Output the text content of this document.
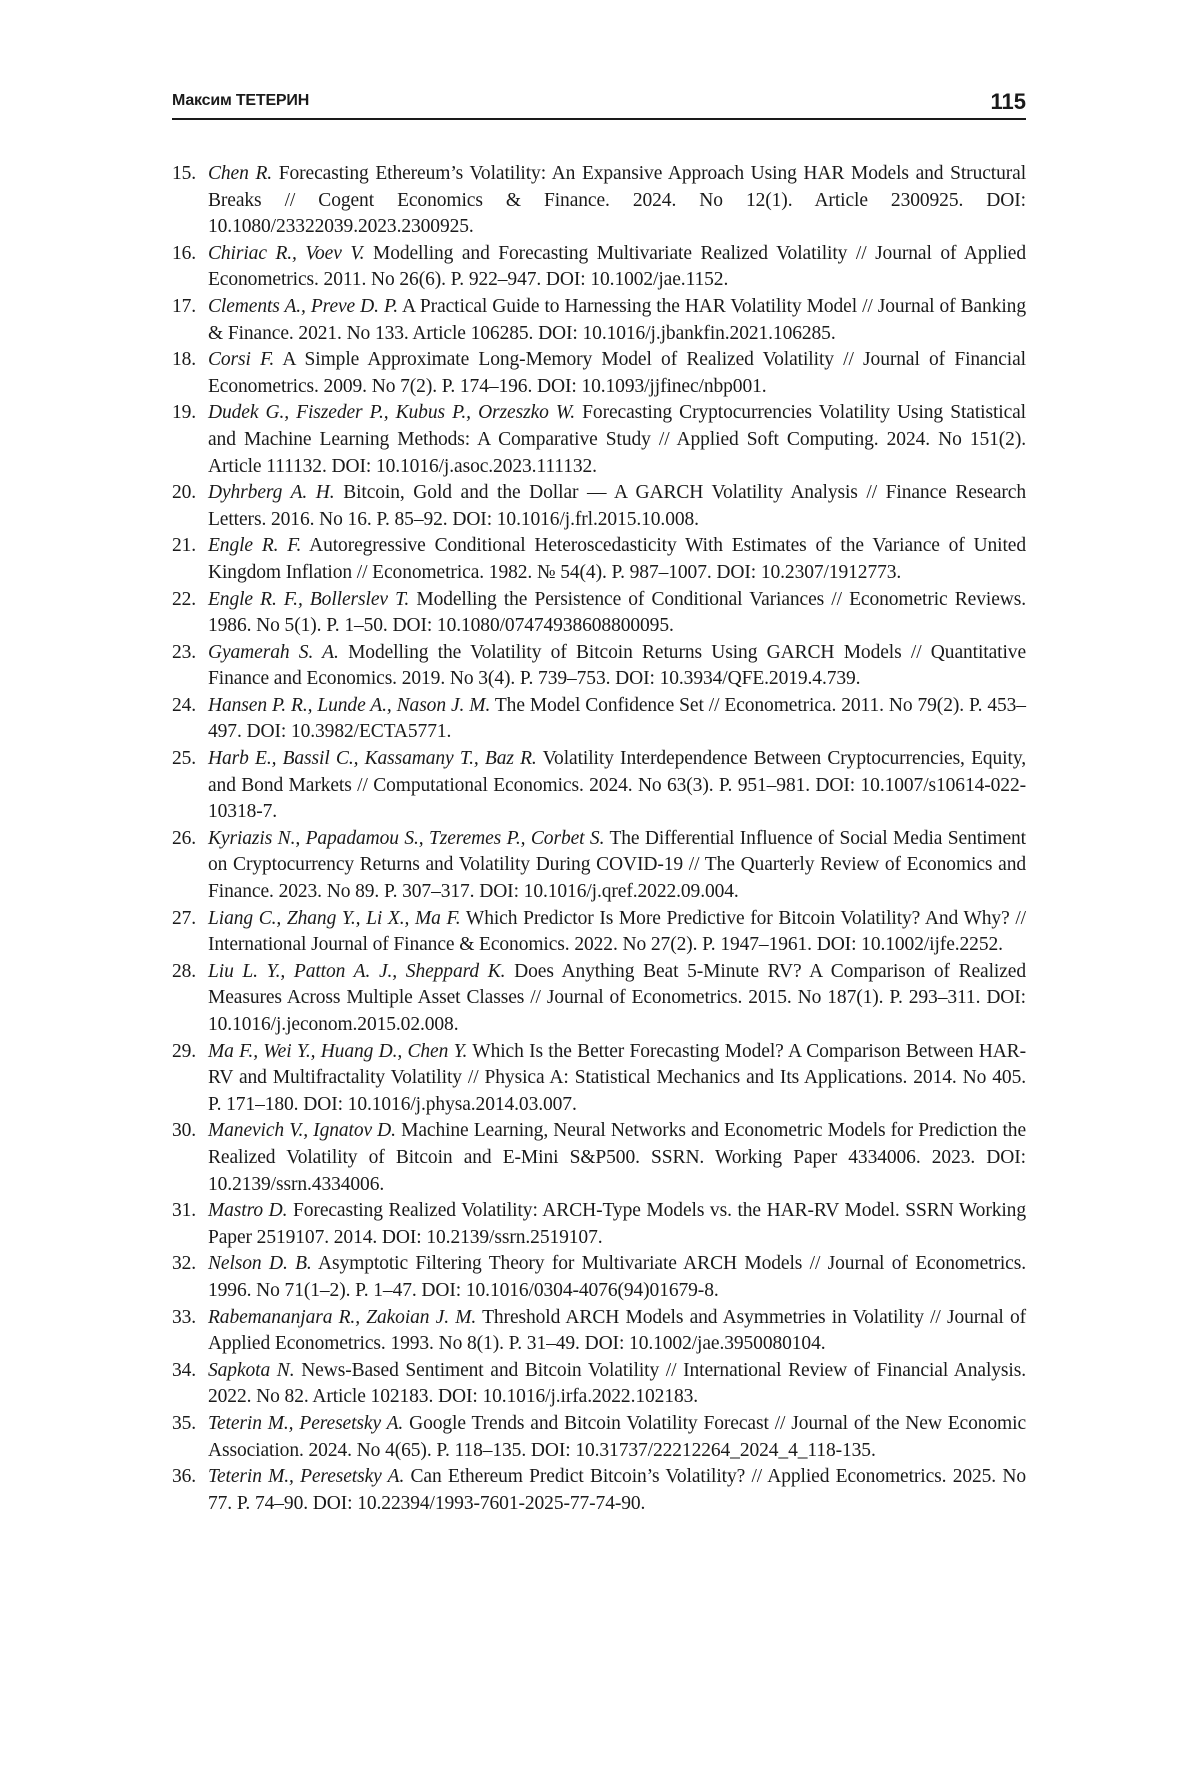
Максим ТЕТЕРИН	115
15. Chen R. Forecasting Ethereum’s Volatility: An Expansive Approach Using HAR Models and Structural Breaks // Cogent Economics & Finance. 2024. No 12(1). Article 2300925. DOI: 10.1080/23322039.2023.2300925.
16. Chiriac R., Voev V. Modelling and Forecasting Multivariate Realized Volatility // Journal of Applied Econometrics. 2011. No 26(6). P. 922–947. DOI: 10.1002/jae.1152.
17. Clements A., Preve D. P. A Practical Guide to Harnessing the HAR Volatility Model // Journal of Banking & Finance. 2021. No 133. Article 106285. DOI: 10.1016/j.jbankfin.2021.106285.
18. Corsi F. A Simple Approximate Long-Memory Model of Realized Volatility // Journal of Financial Econometrics. 2009. No 7(2). P. 174–196. DOI: 10.1093/jjfinec/nbp001.
19. Dudek G., Fiszeder P., Kubus P., Orzeszko W. Forecasting Cryptocurrencies Volatility Using Statistical and Machine Learning Methods: A Comparative Study // Applied Soft Computing. 2024. No 151(2). Article 111132. DOI: 10.1016/j.asoc.2023.111132.
20. Dyhrberg A. H. Bitcoin, Gold and the Dollar — A GARCH Volatility Analysis // Finance Research Letters. 2016. No 16. P. 85–92. DOI: 10.1016/j.frl.2015.10.008.
21. Engle R. F. Autoregressive Conditional Heteroscedasticity With Estimates of the Variance of United Kingdom Inflation // Econometrica. 1982. № 54(4). P. 987–1007. DOI: 10.2307/1912773.
22. Engle R. F., Bollerslev T. Modelling the Persistence of Conditional Variances // Econometric Reviews. 1986. No 5(1). P. 1–50. DOI: 10.1080/07474938608800095.
23. Gyamerah S. A. Modelling the Volatility of Bitcoin Returns Using GARCH Models // Quantitative Finance and Economics. 2019. No 3(4). P. 739–753. DOI: 10.3934/QFE.2019.4.739.
24. Hansen P. R., Lunde A., Nason J. M. The Model Confidence Set // Econometrica. 2011. No 79(2). P. 453–497. DOI: 10.3982/ECTA5771.
25. Harb E., Bassil C., Kassamany T., Baz R. Volatility Interdependence Between Cryptocurrencies, Equity, and Bond Markets // Computational Economics. 2024. No 63(3). P. 951–981. DOI: 10.1007/s10614-022-10318-7.
26. Kyriazis N., Papadamou S., Tzeremes P., Corbet S. The Differential Influence of Social Media Sentiment on Cryptocurrency Returns and Volatility During COVID-19 // The Quarterly Review of Economics and Finance. 2023. No 89. P. 307–317. DOI: 10.1016/j.qref.2022.09.004.
27. Liang C., Zhang Y., Li X., Ma F. Which Predictor Is More Predictive for Bitcoin Volatility? And Why? // International Journal of Finance & Economics. 2022. No 27(2). P. 1947–1961. DOI: 10.1002/ijfe.2252.
28. Liu L. Y., Patton A. J., Sheppard K. Does Anything Beat 5-Minute RV? A Comparison of Realized Measures Across Multiple Asset Classes // Journal of Econometrics. 2015. No 187(1). P. 293–311. DOI: 10.1016/j.jeconom.2015.02.008.
29. Ma F., Wei Y., Huang D., Chen Y. Which Is the Better Forecasting Model? A Comparison Between HAR-RV and Multifractality Volatility // Physica A: Statistical Mechanics and Its Applications. 2014. No 405. P. 171–180. DOI: 10.1016/j.physa.2014.03.007.
30. Manevich V., Ignatov D. Machine Learning, Neural Networks and Econometric Models for Prediction the Realized Volatility of Bitcoin and E-Mini S&P500. SSRN. Working Paper 4334006. 2023. DOI: 10.2139/ssrn.4334006.
31. Mastro D. Forecasting Realized Volatility: ARCH-Type Models vs. the HAR-RV Model. SSRN Working Paper 2519107. 2014. DOI: 10.2139/ssrn.2519107.
32. Nelson D. B. Asymptotic Filtering Theory for Multivariate ARCH Models // Journal of Econometrics. 1996. No 71(1–2). P. 1–47. DOI: 10.1016/0304-4076(94)01679-8.
33. Rabemananjara R., Zakoian J. M. Threshold ARCH Models and Asymmetries in Volatility // Journal of Applied Econometrics. 1993. No 8(1). P. 31–49. DOI: 10.1002/jae.3950080104.
34. Sapkota N. News-Based Sentiment and Bitcoin Volatility // International Review of Financial Analysis. 2022. No 82. Article 102183. DOI: 10.1016/j.irfa.2022.102183.
35. Teterin M., Peresetsky A. Google Trends and Bitcoin Volatility Forecast // Journal of the New Economic Association. 2024. No 4(65). P. 118–135. DOI: 10.31737/22212264_2024_4_118-135.
36. Teterin M., Peresetsky A. Can Ethereum Predict Bitcoin’s Volatility? // Applied Econometrics. 2025. No 77. P. 74–90. DOI: 10.22394/1993-7601-2025-77-74-90.
